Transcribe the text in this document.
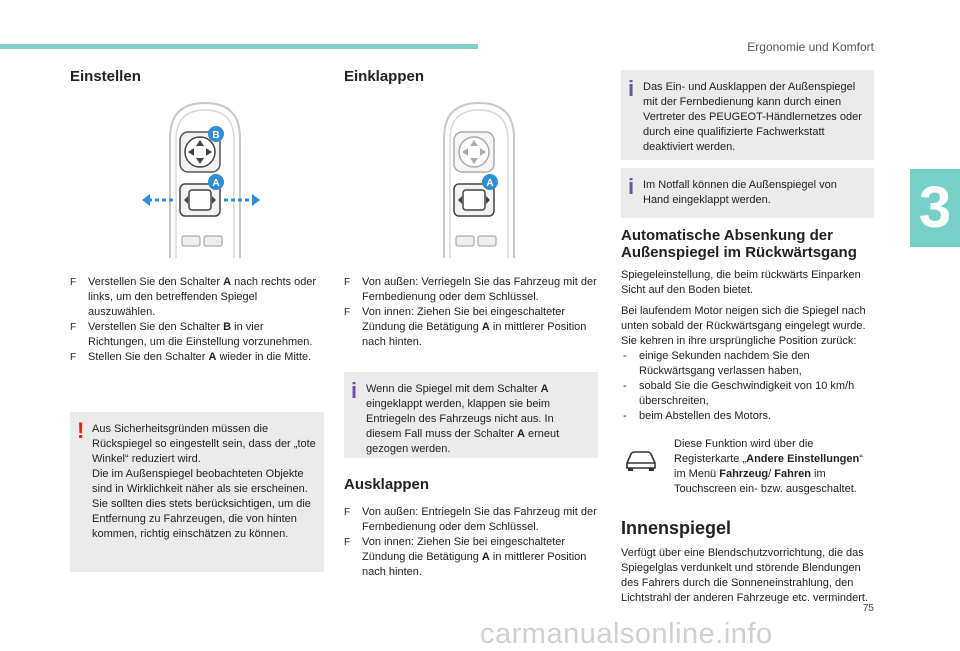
Ergonomie und Komfort
3
Einstellen
B
A
F Verstellen Sie den Schalter A nach rechts oder links, um den betreffenden Spiegel auszuwählen.
F Verstellen Sie den Schalter B in vier Richtungen, um die Einstellung vorzunehmen.
F Stellen Sie den Schalter A wieder in die Mitte.
! Aus Sicherheitsgründen müssen die Rückspiegel so eingestellt sein, dass der „tote Winkel“ reduziert wird.
Die im Außenspiegel beobachteten Objekte sind in Wirklichkeit näher als sie erscheinen. Sie sollten dies stets berücksichtigen, um die Entfernung zu Fahrzeugen, die von hinten kommen, richtig einschätzen zu können.
Einklappen
A
F Von außen: Verriegeln Sie das Fahrzeug mit der Fernbedienung oder dem Schlüssel.
F Von innen: Ziehen Sie bei eingeschalteter Zündung die Betätigung A in mittlerer Position nach hinten.
i Wenn die Spiegel mit dem Schalter A eingeklappt werden, klappen sie beim Entriegeln des Fahrzeugs nicht aus. In diesem Fall muss der Schalter A erneut gezogen werden.
Ausklappen
F Von außen: Entriegeln Sie das Fahrzeug mit der Fernbedienung oder dem Schlüssel.
F Von innen: Ziehen Sie bei eingeschalteter Zündung die Betätigung A in mittlerer Position nach hinten.
i Das Ein- und Ausklappen der Außenspiegel mit der Fernbedienung kann durch einen Vertreter des PEUGEOT-Händlernetzes oder durch eine qualifizierte Fachwerkstatt deaktiviert werden.
i Im Notfall können die Außenspiegel von Hand eingeklappt werden.
Automatische Absenkung der Außenspiegel im Rückwärtsgang

Spiegeleinstellung, die beim rückwärts Einparken Sicht auf den Boden bietet.

Bei laufendem Motor neigen sich die Spiegel nach unten sobald der Rückwärtsgang eingelegt wurde.

Sie kehren in ihre ursprüngliche Position zurück:

- einige Sekunden nachdem Sie den Rückwärtsgang verlassen haben,
- sobald Sie die Geschwindigkeit von 10 km/h überschreiten,
- beim Abstellen des Motors.
Diese Funktion wird über die Registerkarte „Andere Einstellungen“ im Menü Fahrzeug/ Fahren im Touchscreen ein- bzw. ausgeschaltet.
Innenspiegel
Verfügt über eine Blendschutzvorrichtung, die das Spiegelglas verdunkelt und störende Blendungen des Fahrers durch die Sonneneinstrahlung, den Lichtstrahl der anderen Fahrzeuge etc. vermindert.
75
carmanualsonline.info
